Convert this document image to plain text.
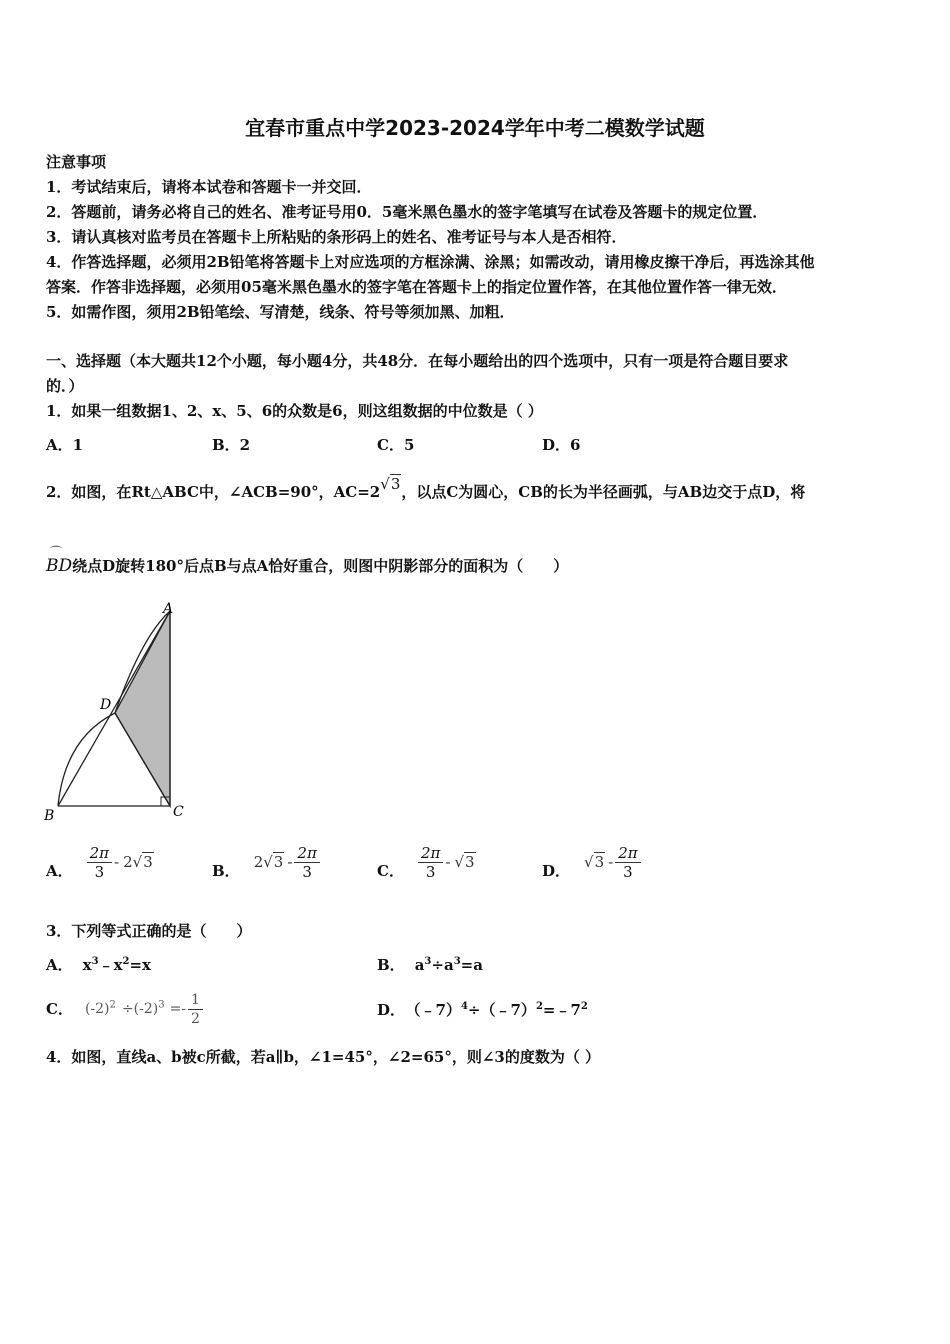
宜春市重点中学2023-2024学年中考二模数学试题
注意事项
1．考试结束后，请将本试卷和答题卡一并交回．
2．答题前，请务必将自己的姓名、准考证号用0．5毫米黑色墨水的签字笔填写在试卷及答题卡的规定位置．
3．请认真核对监考员在答题卡上所粘贴的条形码上的姓名、准考证号与本人是否相符．
4．作答选择题，必须用2B铅笔将答题卡上对应选项的方框涂满、涂黑；如需改动，请用橡皮擦干净后，再选涂其他
答案．作答非选择题，必须用05毫米黑色墨水的签字笔在答题卡上的指定位置作答，在其他位置作答一律无效．
5．如需作图，须用2B铅笔绘、写清楚，线条、符号等须加黑、加粗．
一、选择题（本大题共12个小题，每小题4分，共48分．在每小题给出的四个选项中，只有一项是符合题目要求
的．）
1．如果一组数据1、2、x、5、6的众数是6，则这组数据的中位数是（ ）
A．1	B．2	C．5	D．6
2．如图，在Rt△ABC中，∠ACB=90°，AC=2√3，以点C为圆心，CB的长为半径画弧，与AB边交于点D，将
BD
⌒
绕点D旋转180°后点B与点A恰好重合，则图中阴影部分的面积为（　　）
A
D
B	C
A． $\frac{2\pi}{3} - 2$ √3	B． 2 $√3 - \frac{2\pi}{3}$	C． $\frac{2\pi}{3} - √3$	D． $√3 - \frac{2\pi}{3}$
3．下列等式正确的是（　　）
A． $x^3﹣x^2=x$	B． $a^3\div a^3=a$
C． $(-2)^2 \div(-2)^3 =- \frac{1}{2}$	D． $(﹣7)^4\div(﹣7)^2=﹣7^2$
4．如图，直线a、b被c所截，若a∥b，∠1=45°，∠2=65°，则∠3的度数为（ ）
